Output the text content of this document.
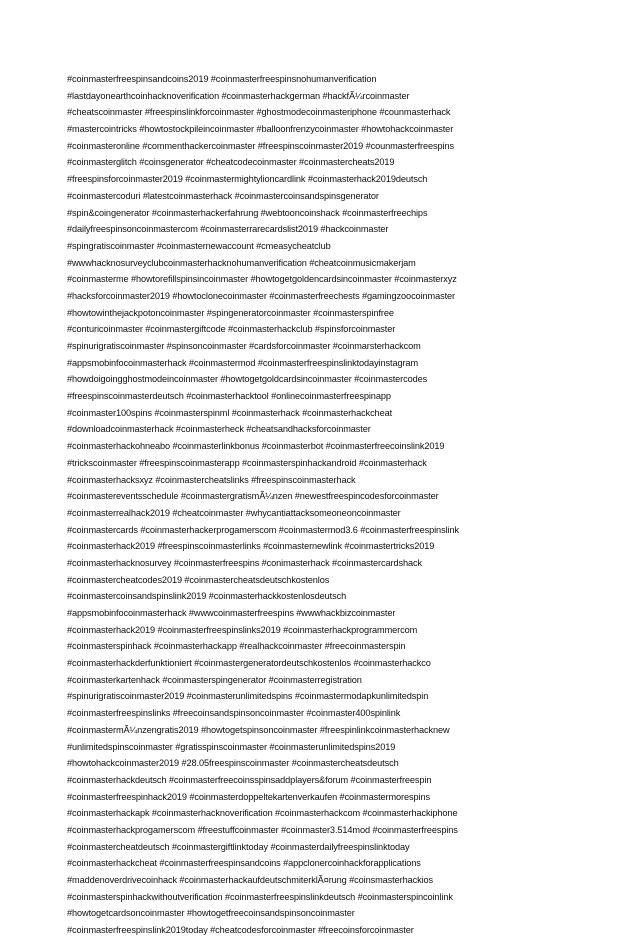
#coinmasterfreespinsandcoins2019 #coinmasterfreespinsnohumanverification
#lastdayonearthcoinhacknoverification #coinmasterhackgerman #hackfÃ¼rcoinmaster
#cheatscoinmaster #freespinslinkforcoinmaster #ghostmodecoinmasteriphone #counmasterhack
#mastercointricks #howtostockpileincoinmaster #balloonfrenzycoinmaster #howtohackcoinmaster
#coinmasteronline #commenthackercoinmaster #freespinscoinmaster2019 #counmasterfreespins
#coinmasterglitch #coinsgenerator #cheatcodecoinmaster #coinmastercheats2019
#freespinsforcoinmaster2019 #coinmastermightylioncardlink #coinmasterhack2019deutsch
#coinmastercoduri #latestcoinmasterhack #coinmastercoinsandspinsgenerator
#spin&coingenerator #coinmasterhackerfahrung #webtooncoinshack #coinmasterfreechips
#dailyfreespinsoncoinmastercom #coinmasterrarecardslist2019 #hackcoinmaster
#spingratiscoinmaster #coinmasternewaccount #cmeasycheatclub
#wwwhacknosurveyclubcoinmasterhacknohumanverification #cheatcoinmusicmakerjam
#coinmasterme #howtorefillspinsincoinmaster #howtogetgoldencardsincoinmaster #coinmasterxyz
#hacksforcoinmaster2019 #howtoclonecoinmaster #coinmasterfreechests #gamingzoocoinmaster
#howtowinthejackpotoncoinmaster #spingeneratorcoinmaster #coinmasterspinfree
#conturicoinmaster #coinmastergiftcode #coinmasterhackclub #spinsforcoinmaster
#spinurigratiscoinmaster #spinsoncoinmaster #cardsforcoinmaster #coinmarsterhackcom
#appsmobinfocoinmasterhack #coinmastermod #coinmasterfreespinslinktodayinstagram
#howdoigoingghostmodeincoinmaster #howtogetgoldcardsincoinmaster #coinmastercodes
#freespinscoinmasterdeutsch #coinmasterhacktool #onlinecoinmasterfreespinapp
#coinmaster100spins #coinmasterspinml #coinmasterhack #coinmasterhackcheat
#downloadcoinmasterhack #coinmasterheck #cheatsandhacksforcoinmaster
#coinmasterhackohneabo #coinmasterlinkbonus #coinmasterbot #coinmasterfreecoinslink2019
#trickscoinmaster #freespinscoinmasterapp #coinmasterspinhackandroid #coinmasterhack
#coinmasterhacksxyz #coinmastercheatslinks #freespinscoinmasterhack
#coinmastereventsschedule #coinmastergratismÃ¼nzen #newestfreespincodesforcoinmaster
#coinmasterrealhack2019 #cheatcoinmaster #whycantiattacksomeoneoncoinmaster
#coinmastercards #coinmasterhackerprogamerscom #coinmastermod3.6 #coinmasterfreespinslink
#coinmasterhack2019 #freespinscoinmasterlinks #coinmasternewlink #coinmastertricks2019
#coinmasterhacknosurvey #coinmasterfreespins #conimasterhack #coinmastercardshack
#coinmastercheatcodes2019 #coinmastercheatsdeutschkostenlos
#coinmastercoinsandspinslink2019 #coinmasterhackkostenlosdeutsch
#appsmobinfocoinmasterhack #wwwcoinmasterfreespins #wwwhackbizcoinmaster
#coinmasterhack2019 #coinmasterfreespinslinks2019 #coinmasterhackprogrammercom
#coinmasterspinhack #coinmasterhackapp #realhackcoinmaster #freecoinmasterspin
#coinmasterhackderfunktioniert #coinmastergeneratordeutschkostenlos #coinmasterhackco
#coinmasterkartenhack #coinmasterspingenerator #coinmasterregistration
#spinurigratiscoinmaster2019 #coinmasterunlimitedspins #coinmastermodapkunlimitedspin
#coinmasterfreespinslinks #freecoinsandspinsoncoinmaster #coinmaster400spinlink
#coinmastermÃ¼nzengratis2019 #howtogetspinsoncoinmaster #freespinlinkcoinmasterhacknew
#unlimitedspinscoinmaster #gratisspinscoinmaster #coinmasterunlimitedspins2019
#howtohackcoinmaster2019 #28.05freespinscoinmaster #coinmastercheatsdeutsch
#coinmasterhackdeutsch #coinmasterfreecoinsspinsaddplayers&forum #coinmasterfreespin
#coinmasterfreespinhack2019 #coinmasterdoppeltekartenverkaufen #coinmastermorespins
#coinmasterhackapk #coinmasterhacknoverification #coinmasterhackcom #coinmasterhackiphone
#coinmasterhackprogamerscom #freestuffcoinmaster #coinmaster3.514mod #coinmasterfreespins
#coinmastercheatdeutsch #coinmastergiftlinktoday #coinmasterdailyfreespinslinktoday
#coinmasterhackcheat #coinmasterfreespinsandcoins #appclonercoinhackforapplications
#maddenoverdrivecoinhack #coinmasterhackaufdeutschmiterklÃ¤rung #coinsmasterhackios
#coinmasterspinhackwithoutverification #coinmasterfreespinslinkdeutsch #coinmasterspincoinlink
#howtogetcardsoncoinmaster #howtogetfreecoinsandspinsoncoinmaster
#coinmasterfreespinslink2019today #cheatcodesforcoinmaster #freecoinsforcoinmaster
